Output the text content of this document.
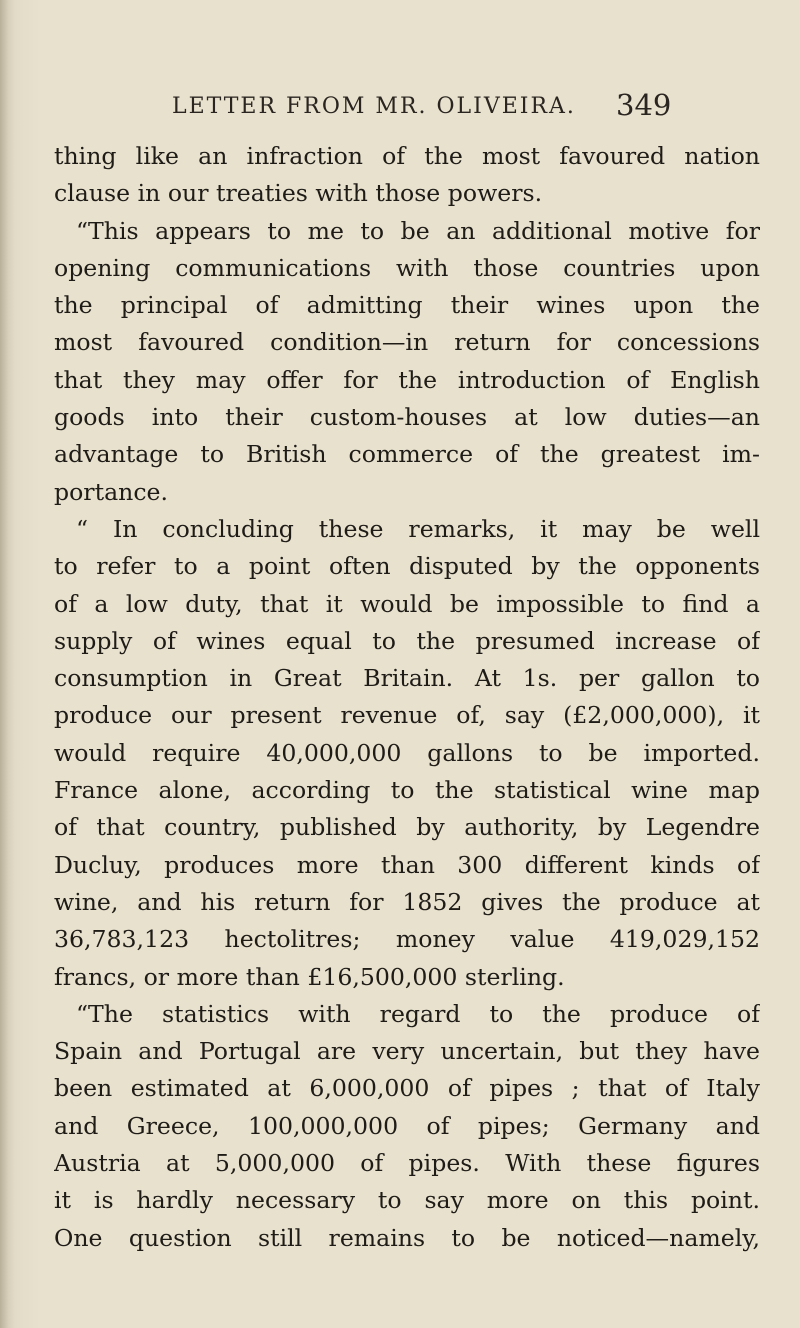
LETTER FROM MR. OLIVEIRA. 349
thing like an infraction of the most favoured nation
clause in our treaties with those powers.
“This appears to me to be an additional motive for
opening communications with those countries upon
the principal of admitting their wines upon the
most favoured condition—in return for concessions
that they may offer for the introduction of English
goods into their custom-houses at low duties—an
advantage to British commerce of the greatest im-
portance.
“ In concluding these remarks, it may be well
to refer to a point often disputed by the opponents
of a low duty, that it would be impossible to find a
supply of wines equal to the presumed increase of
consumption in Great Britain. At 1s. per gallon to
produce our present revenue of, say (£2,000,000), it
would require 40,000,000 gallons to be imported.
France alone, according to the statistical wine map
of that country, published by authority, by Legendre
Ducluy, produces more than 300 different kinds of
wine, and his return for 1852 gives the produce at
36,783,123 hectolitres; money value 419,029,152
francs, or more than £16,500,000 sterling.
“The statistics with regard to the produce of
Spain and Portugal are very uncertain, but they have
been estimated at 6,000,000 of pipes ; that of Italy
and Greece, 100,000,000 of pipes; Germany and
Austria at 5,000,000 of pipes. With these figures
it is hardly necessary to say more on this point.
One question still remains to be noticed—namely,
